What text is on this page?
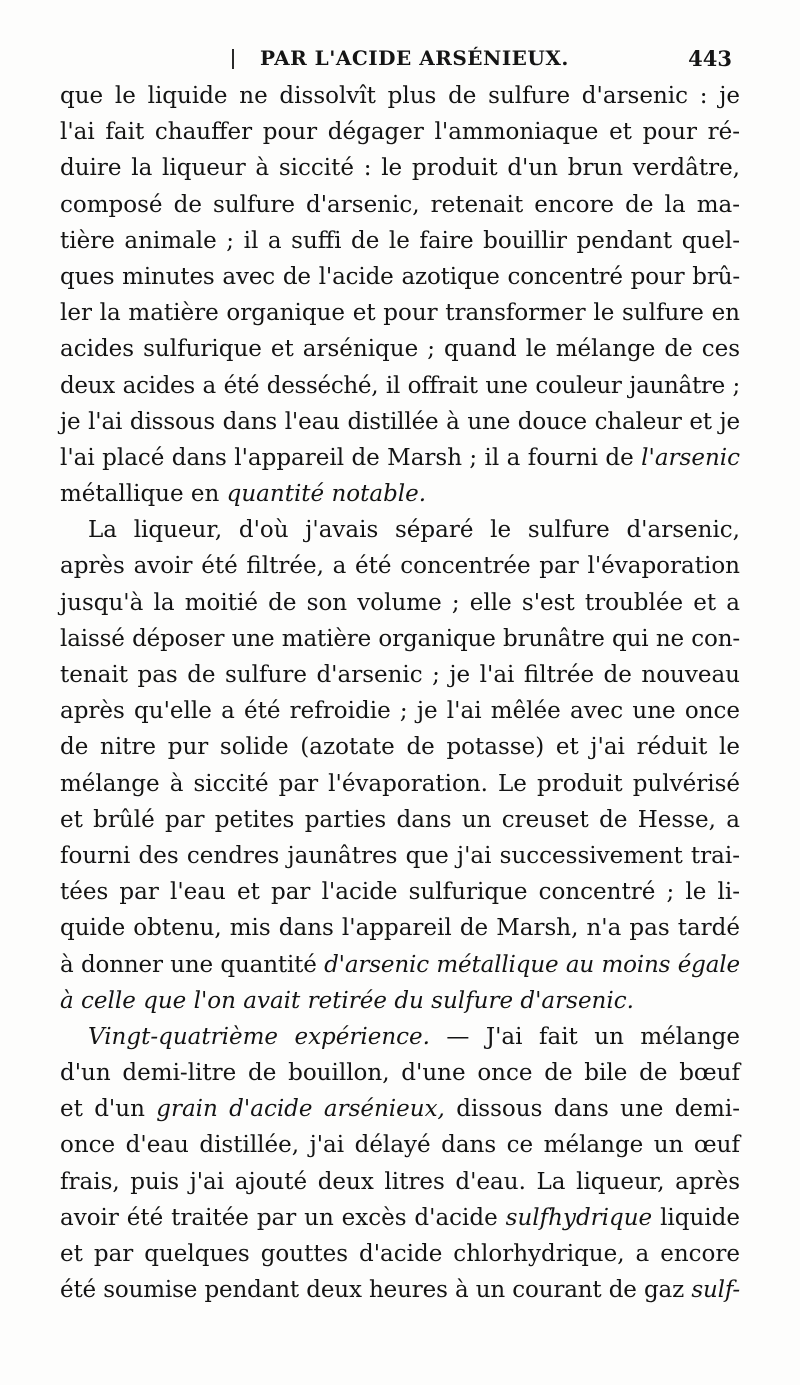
PAR L'ACIDE ARSÉNIEUX.	443
que le liquide ne dissolvît plus de sulfure d'arsenic : je
l'ai fait chauffer pour dégager l'ammoniaque et pour ré-
duire la liqueur à siccité : le produit d'un brun verdâtre,
composé de sulfure d'arsenic, retenait encore de la ma-
tière animale ; il a suffi de le faire bouillir pendant quel-
ques minutes avec de l'acide azotique concentré pour brû-
ler la matière organique et pour transformer le sulfure en
acides sulfurique et arsénique ; quand le mélange de ces
deux acides a été desséché, il offrait une couleur jaunâtre ;
je l'ai dissous dans l'eau distillée à une douce chaleur et je
l'ai placé dans l'appareil de Marsh ; il a fourni de l'arsenic
métallique en quantité notable.
La liqueur, d'où j'avais séparé le sulfure d'arsenic,
après avoir été filtrée, a été concentrée par l'évaporation
jusqu'à la moitié de son volume ; elle s'est troublée et a
laissé déposer une matière organique brunâtre qui ne con-
tenait pas de sulfure d'arsenic ; je l'ai filtrée de nouveau
après qu'elle a été refroidie ; je l'ai mêlée avec une once
de nitre pur solide (azotate de potasse) et j'ai réduit le
mélange à siccité par l'évaporation. Le produit pulvérisé
et brûlé par petites parties dans un creuset de Hesse, a
fourni des cendres jaunâtres que j'ai successivement trai-
tées par l'eau et par l'acide sulfurique concentré ; le li-
quide obtenu, mis dans l'appareil de Marsh, n'a pas tardé
à donner une quantité d'arsenic métallique au moins égale
à celle que l'on avait retirée du sulfure d'arsenic.
Vingt-quatrième expérience. — J'ai fait un mélange
d'un demi-litre de bouillon, d'une once de bile de bœuf
et d'un grain d'acide arsénieux, dissous dans une demi-
once d'eau distillée, j'ai délayé dans ce mélange un œuf
frais, puis j'ai ajouté deux litres d'eau. La liqueur, après
avoir été traitée par un excès d'acide sulfhydrique liquide
et par quelques gouttes d'acide chlorhydrique, a encore
été soumise pendant deux heures à un courant de gaz sulf-
